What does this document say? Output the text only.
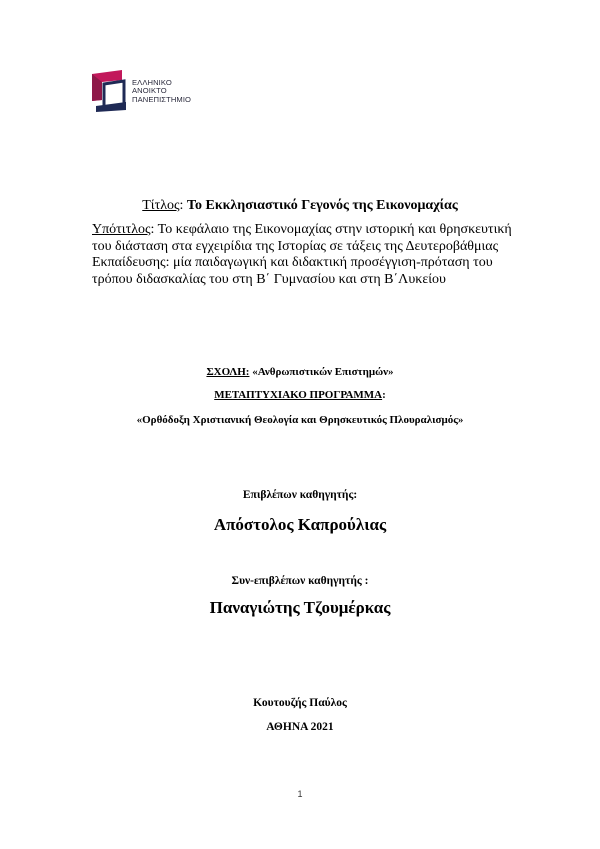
ΕΛΛΗΝΙΚΟ
ΑΝΟΙΚΤΟ
ΠΑΝΕΠΙΣΤΗΜΙΟ
Τίτλος: Το Εκκλησιαστικό Γεγονός της Εικονομαχίας
Υπότιτλος: Το κεφάλαιο της Εικονομαχίας στην ιστορική και θρησκευτική του διάσταση στα εγχειρίδια της Ιστορίας σε τάξεις της Δευτεροβάθμιας Εκπαίδευσης: μία παιδαγωγική και διδακτική προσέγγιση-πρόταση του τρόπου διδασκαλίας του στη Β΄ Γυμνασίου και στη Β΄Λυκείου
ΣΧΟΛΗ: «Ανθρωπιστικών Επιστημών»
ΜΕΤΑΠΤΥΧΙΑΚΟ ΠΡΟΓΡΑΜΜΑ:
«Ορθόδοξη Χριστιανική Θεολογία και Θρησκευτικός Πλουραλισμός»
Επιβλέπων καθηγητής:
Απόστολος Καπρούλιας
Συν-επιβλέπων καθηγητής :
Παναγιώτης Τζουμέρκας
Κουτουζής Παύλος
ΑΘΗΝΑ 2021
1
